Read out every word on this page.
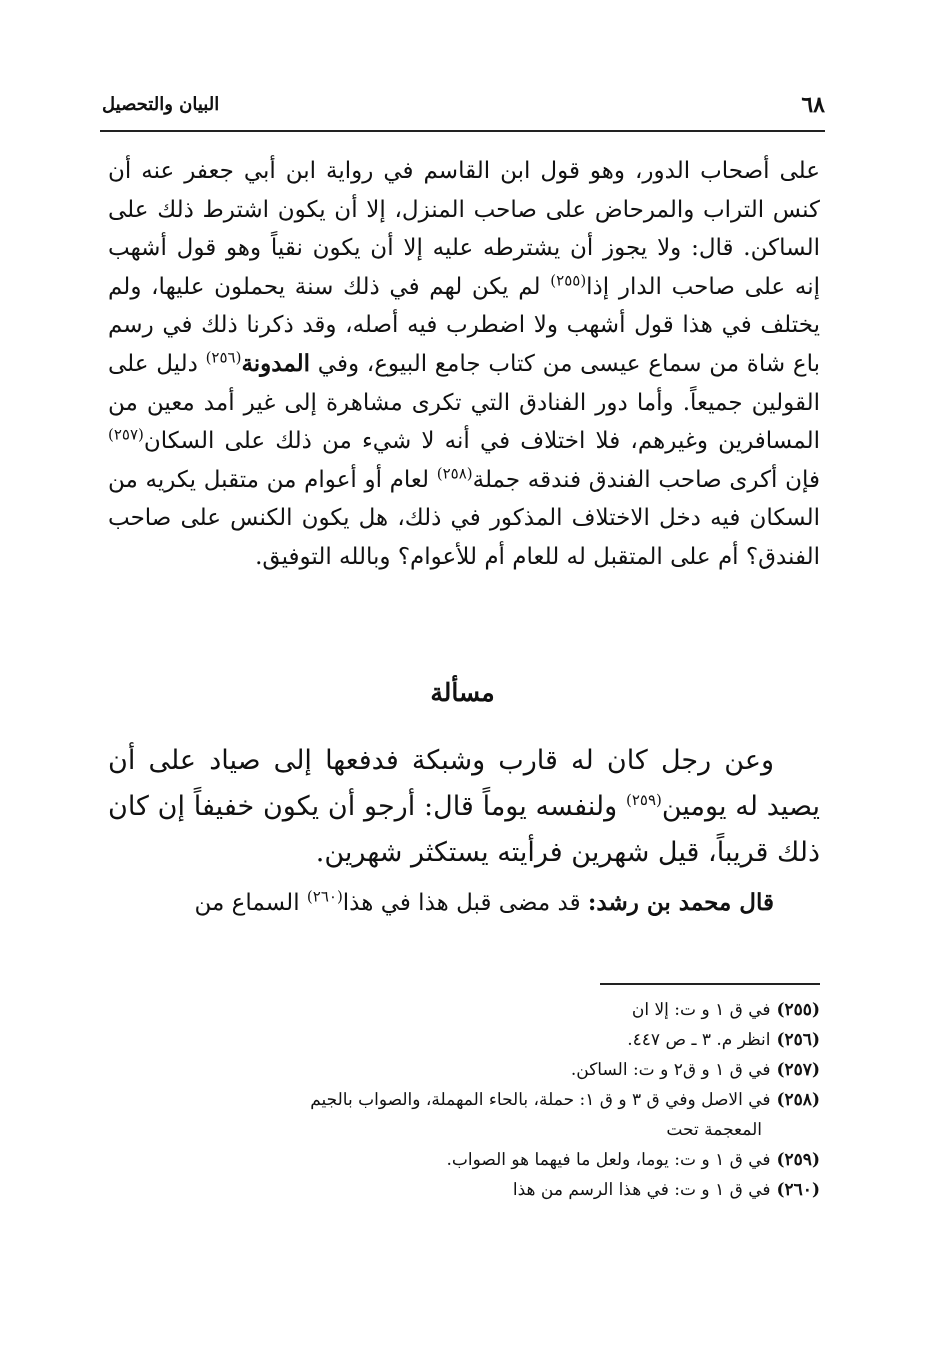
٦٨
البيان والتحصيل

على أصحاب الدور، وهو قول ابن القاسم في رواية ابن أبي جعفر عنه أن كنس التراب والمرحاض على صاحب المنزل، إلا أن يكون اشترط ذلك على الساكن. قال: ولا يجوز أن يشترطه عليه إلا أن يكون نقياً وهو قول أشهب إنه على صاحب الدار إذا$^{(٢٥٥)}$ لم يكن لهم في ذلك سنة يحملون عليها، ولم يختلف في هذا قول أشهب ولا اضطرب فيه أصله، وقد ذكرنا ذلك في رسم باع شاة من سماع عيسى من كتاب جامع البيوع، وفي المدونة$^{(٢٥٦)}$ دليل على القولين جميعاً. وأما دور الفنادق التي تكرى مشاهرة إلى غير أمد معين من المسافرين وغيرهم، فلا اختلاف في أنه لا شيء من ذلك على السكان$^{(٢٥٧)}$ فإن أكرى صاحب الفندق فندقه جملة$^{(٢٥٨)}$ لعام أو أعوام من متقبل يكريه من السكان فيه دخل الاختلاف المذكور في ذلك، هل يكون الكنس على صاحب الفندق؟ أم على المتقبل له للعام أم للأعوام؟ وبالله التوفيق.

مسألة
وعن رجل كان له قارب وشبكة فدفعها إلى صياد على أن يصيد له يومين$^{(٢٥٩)}$ ولنفسه يوماً قال: أرجو أن يكون خفيفاً إن كان ذلك قريباً، قيل شهرين فرأيته يستكثر شهرين.
قال محمد بن رشد: قد مضى قبل هذا في هذا$^{(٢٦٠)}$ السماع من

(٢٥٥)في ق ١ و ت: إلا ان

(٢٥٦)انظر م. ٣ ـ ص ٤٤٧.

(٢٥٧)في ق ١ و ق٢ و ت: الساكن.

(٢٥٨)في الاصل وفي ق ٣ و ق ١: حملة، بالحاء المهملة، والصواب بالجيم
المعجمة تحت

(٢٥٩)في ق ١ و ت: يوما، ولعل ما فيهما هو الصواب.

(٢٦٠)في ق ١ و ت: في هذا الرسم من هذا
